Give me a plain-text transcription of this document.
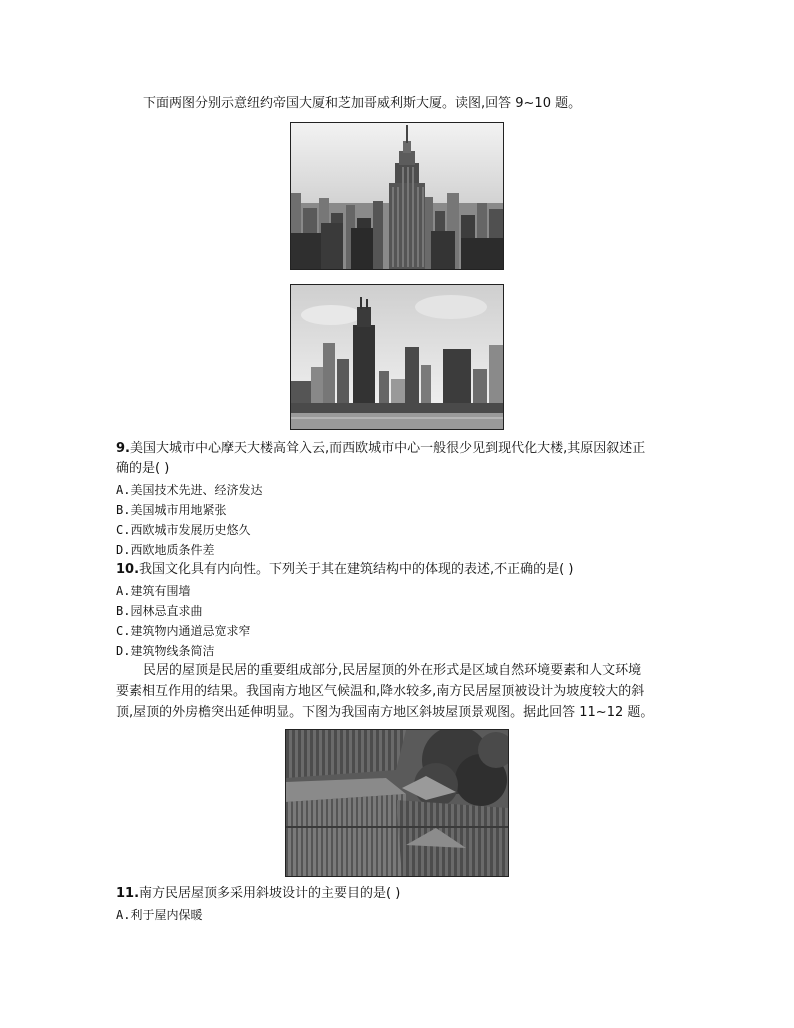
下面两图分别示意纽约帝国大厦和芝加哥威利斯大厦。读图,回答 9~10 题。
9.美国大城市中心摩天大楼高耸入云,而西欧城市中心一般很少见到现代化大楼,其原因叙述正
确的是( )
A.美国技术先进、经济发达
B.美国城市用地紧张
C.西欧城市发展历史悠久
D.西欧地质条件差
10.我国文化具有内向性。下列关于其在建筑结构中的体现的表述,不正确的是( )
A.建筑有围墙
B.园林忌直求曲
C.建筑物内通道忌宽求窄
D.建筑物线条简洁
民居的屋顶是民居的重要组成部分,民居屋顶的外在形式是区域自然环境要素和人文环境
要素相互作用的结果。我国南方地区气候温和,降水较多,南方民居屋顶被设计为坡度较大的斜
顶,屋顶的外房檐突出延伸明显。下图为我国南方地区斜坡屋顶景观图。据此回答 11~12 题。
11.南方民居屋顶多采用斜坡设计的主要目的是( )
A.利于屋内保暖
